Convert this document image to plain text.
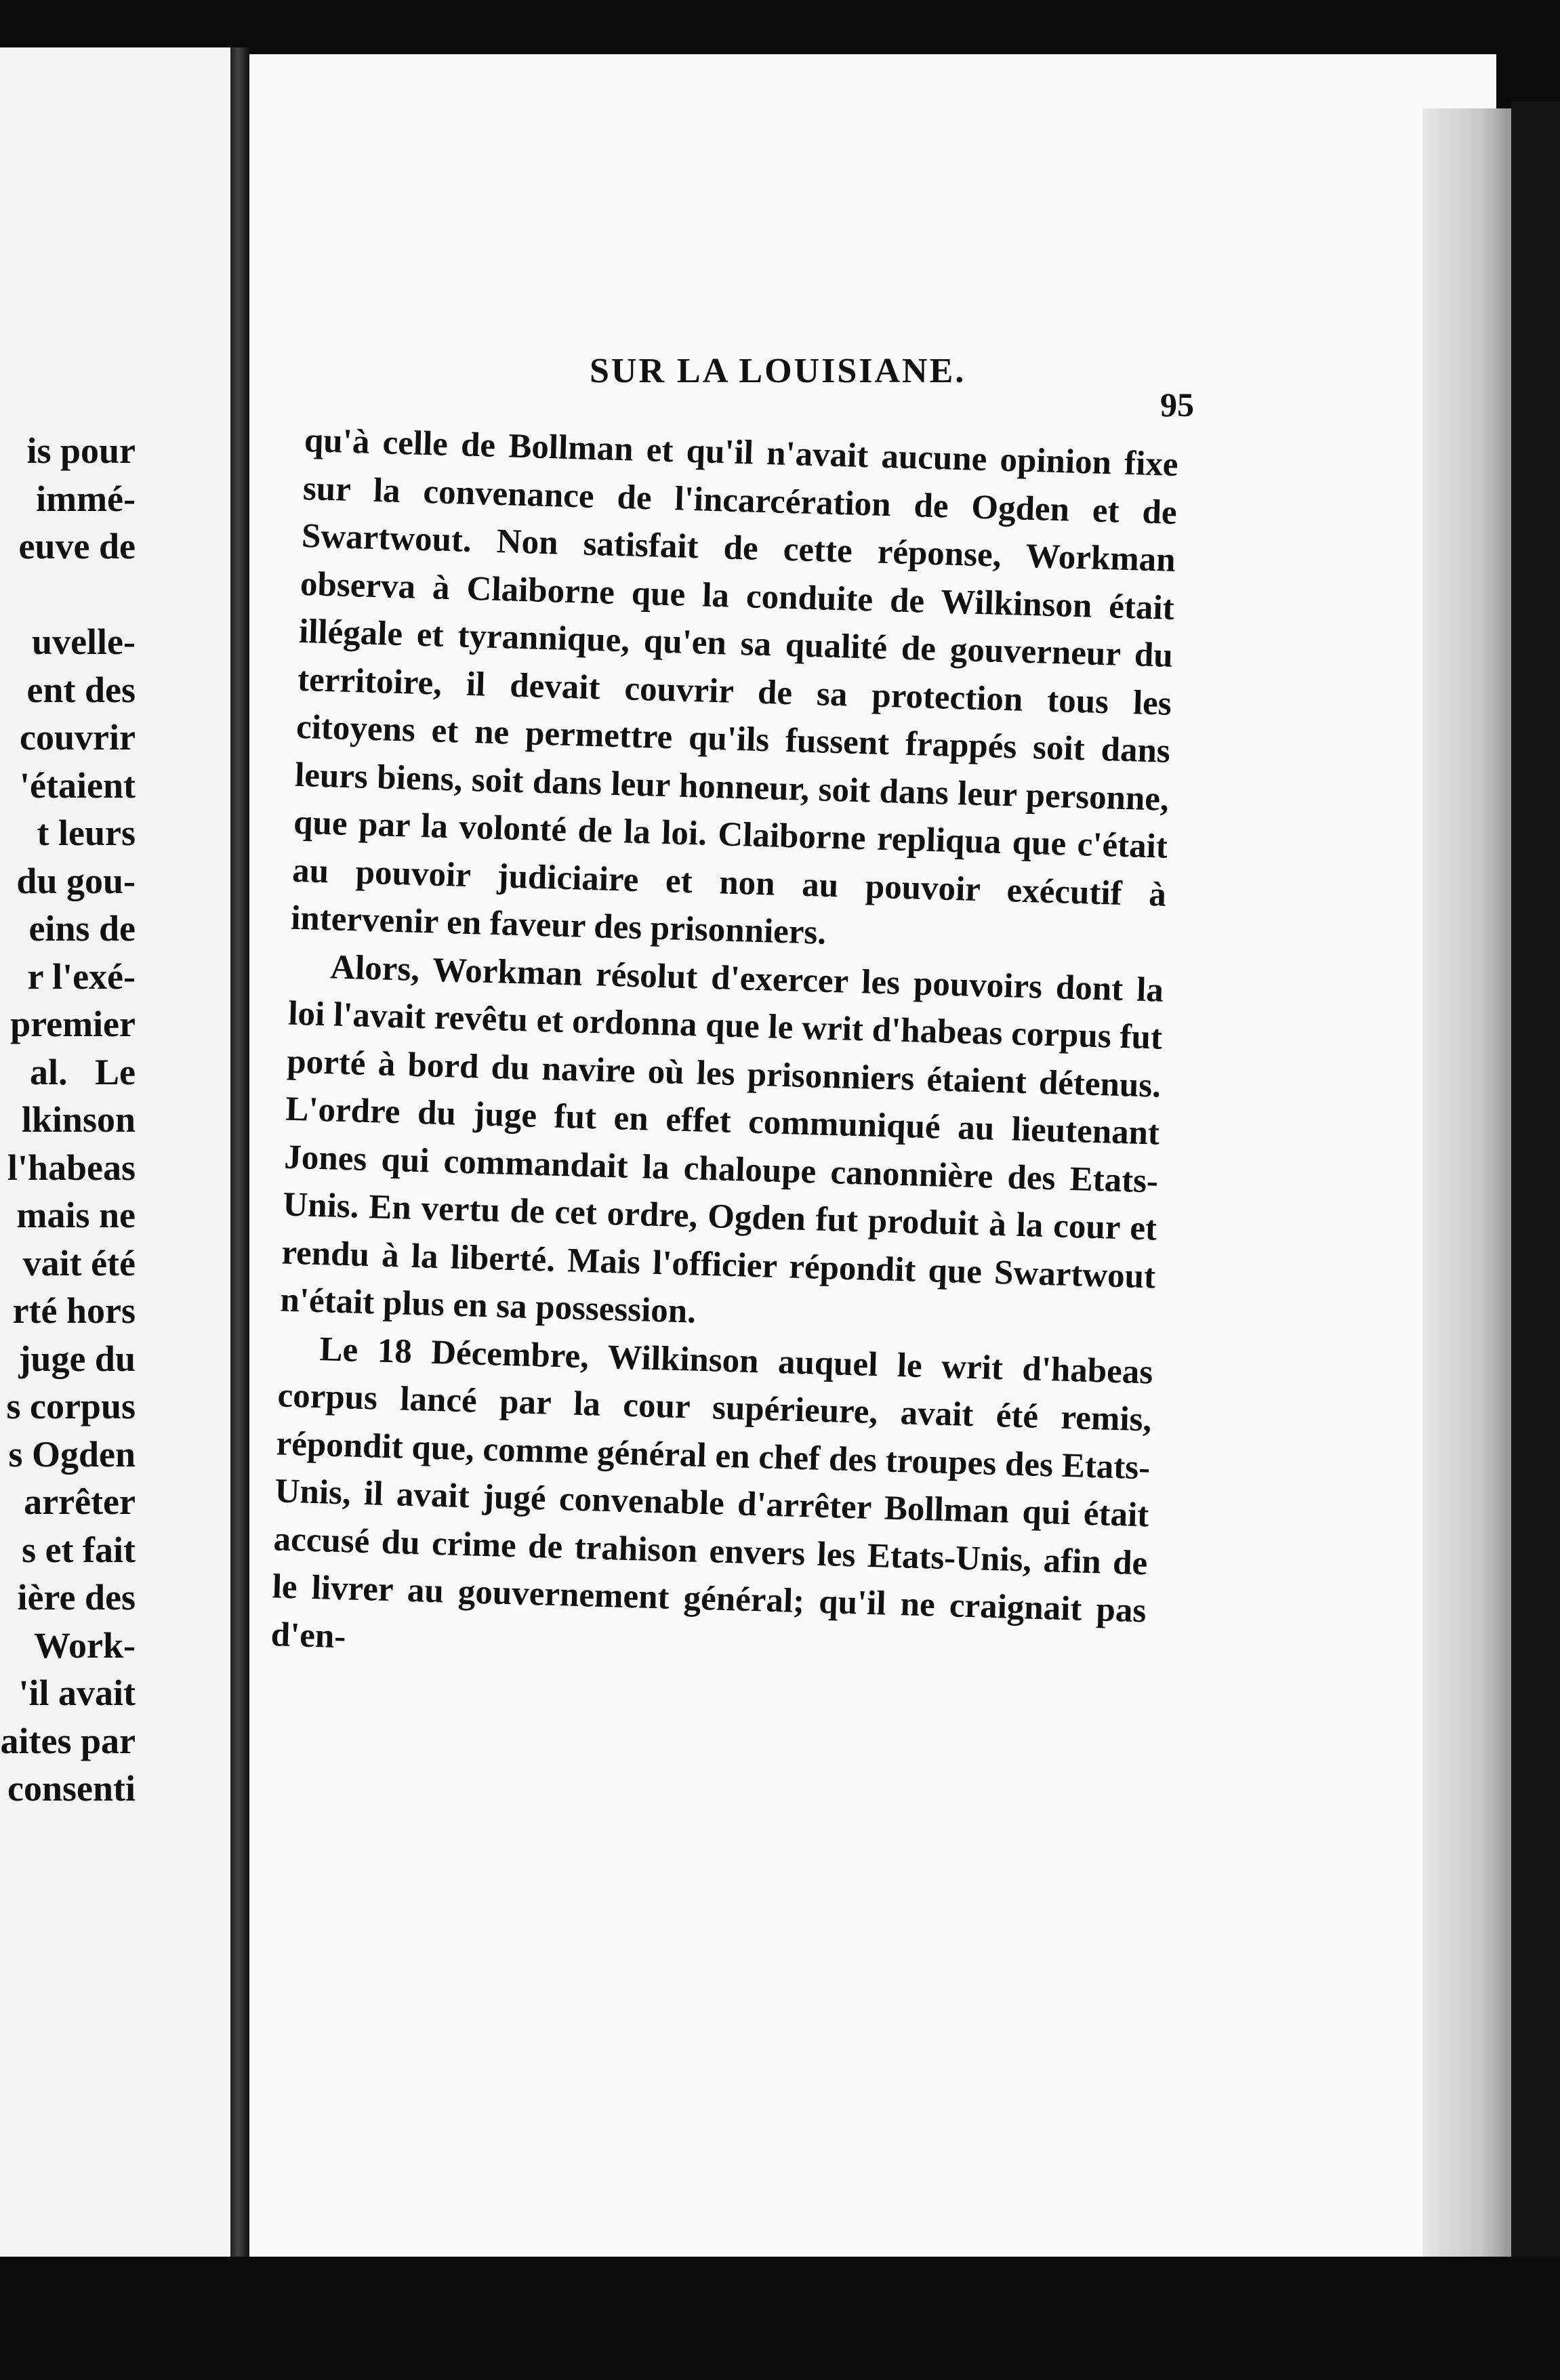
is pour
immé-
euve de

uvelle-
ent des
couvrir
'étaient
t leurs
du gou-
eins de
r l'exé-
premier
al.   Le
lkinson
l'habeas
mais ne
vait été
rté hors
juge du
s corpus
s Ogden
arrêter
s et fait
ière des
Work-
'il avait
aites par
consenti
SUR LA LOUISIANE.
95

qu'à celle de Bollman et qu'il n'avait aucune opinion fixe sur la convenance de l'incarcération de Ogden et de Swartwout. Non satisfait de cette réponse, Workman observa à Claiborne que la conduite de Wilkinson était illégale et tyrannique, qu'en sa qualité de gouverneur du territoire, il devait couvrir de sa protection tous les citoyens et ne permettre qu'ils fussent frappés soit dans leurs biens, soit dans leur honneur, soit dans leur personne, que par la volonté de la loi. Claiborne repliqua que c'était au pouvoir judiciaire et non au pouvoir exécutif à intervenir en faveur des prisonniers.

Alors, Workman résolut d'exercer les pouvoirs dont la loi l'avait revêtu et ordonna que le writ d'habeas corpus fut porté à bord du navire où les prisonniers étaient détenus. L'ordre du juge fut en effet communiqué au lieutenant Jones qui commandait la chaloupe canonnière des Etats-Unis. En vertu de cet ordre, Ogden fut produit à la cour et rendu à la liberté. Mais l'officier répondit que Swartwout n'était plus en sa possession.

Le 18 Décembre, Wilkinson auquel le writ d'habeas corpus lancé par la cour supérieure, avait été remis, répondit que, comme général en chef des troupes des Etats-Unis, il avait jugé convenable d'arrêter Bollman qui était accusé du crime de trahison envers les Etats-Unis, afin de le livrer au gouvernement général; qu'il ne craignait pas d'en-
